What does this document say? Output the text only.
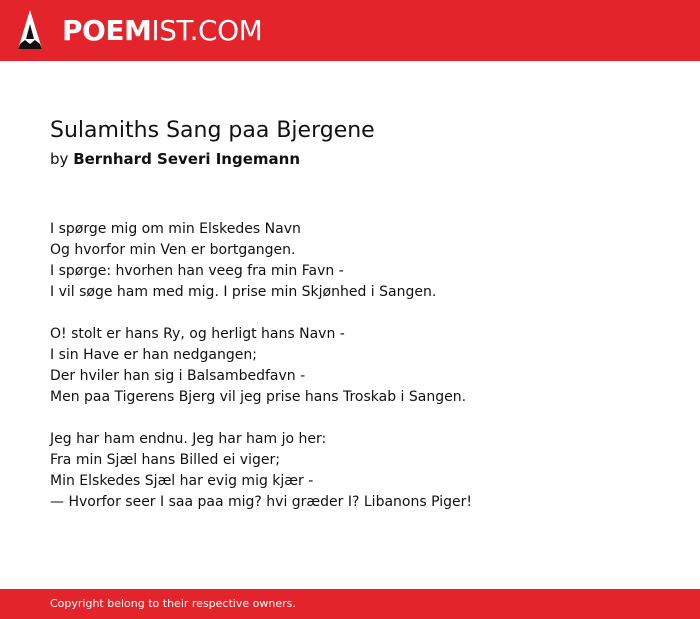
POEMIST.COM
Sulamiths Sang paa Bjergene
by Bernhard Severi Ingemann
I spørge mig om min Elskedes Navn
Og hvorfor min Ven er bortgangen.
I spørge: hvorhen han veeg fra min Favn -
I vil søge ham med mig. I prise min Skjønhed i Sangen.
O! stolt er hans Ry, og herligt hans Navn -
I sin Have er han nedgangen;
Der hviler han sig i Balsambedfavn -
Men paa Tigerens Bjerg vil jeg prise hans Troskab i Sangen.
Jeg har ham endnu. Jeg har ham jo her:
Fra min Sjæl hans Billed ei viger;
Min Elskedes Sjæl har evig mig kjær -
— Hvorfor seer I saa paa mig? hvi græder I? Libanons Piger!
Copyright belong to their respective owners.
